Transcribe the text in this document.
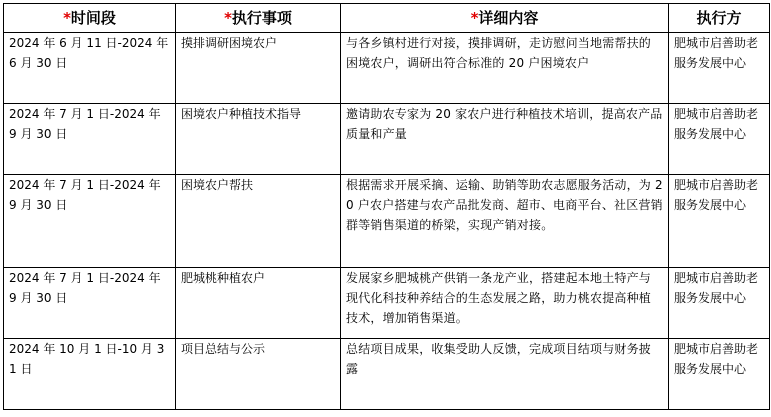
*时间段	*执行事项	*详细内容	执行方
2024 年 6 月 11 日-2024 年 6 月 30 日	摸排调研困境农户	与各乡镇村进行对接，摸排调研，走访慰问当地需帮扶的困境农户，调研出符合标准的 20 户困境农户	肥城市启善助老服务发展中心
2024 年 7 月 1 日-2024 年 9 月 30 日	困境农户种植技术指导	邀请助农专家为 20 家农户进行种植技术培训，提高农产品质量和产量	肥城市启善助老服务发展中心
2024 年 7 月 1 日-2024 年 9 月 30 日	困境农户帮扶	根据需求开展采摘、运输、助销等助农志愿服务活动，为 20 户农户搭建与农产品批发商、超市、电商平台、社区营销群等销售渠道的桥梁，实现产销对接。	肥城市启善助老服务发展中心
2024 年 7 月 1 日-2024 年 9 月 30 日	肥城桃种植农户	发展家乡肥城桃产供销一条龙产业，搭建起本地土特产与现代化科技种养结合的生态发展之路，助力桃农提高种植技术，增加销售渠道。	肥城市启善助老服务发展中心
2024 年 10 月 1 日-10 月 31 日	项目总结与公示	总结项目成果，收集受助人反馈，完成项目结项与财务披露	肥城市启善助老服务发展中心
